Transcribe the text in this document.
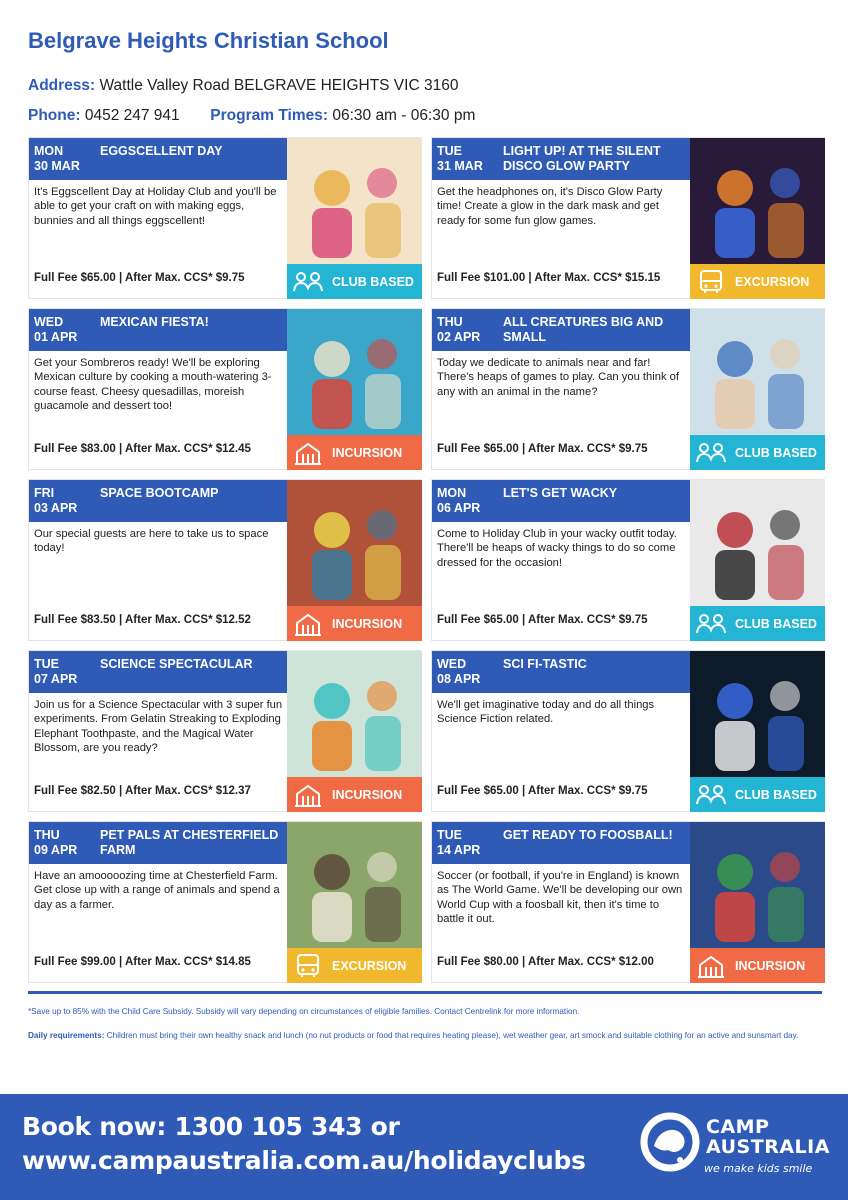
Belgrave Heights Christian School
Address: Wattle Valley Road BELGRAVE HEIGHTS VIC 3160
Phone: 0452 247 941 Program Times: 06:30 am - 06:30 pm
MON
30 MAR
EGGSCELLENT DAY
It's Eggscellent Day at Holiday Club and you'll be able to get your craft on with making eggs, bunnies and all things eggscellent!
Full Fee $65.00 | After Max. CCS* $9.75	CLUB BASED
TUE
31 MAR
LIGHT UP! AT THE SILENT DISCO GLOW PARTY
Get the headphones on, it's Disco Glow Party time! Create a glow in the dark mask and get ready for some fun glow games.
Full Fee $101.00 | After Max. CCS* $15.15	EXCURSION
WED
01 APR
MEXICAN FIESTA!
Get your Sombreros ready! We'll be exploring Mexican culture by cooking a mouth-watering 3-course feast. Cheesy quesadillas, moreish guacamole and dessert too!
Full Fee $83.00 | After Max. CCS* $12.45	INCURSION
THU
02 APR
ALL CREATURES BIG AND SMALL
Today we dedicate to animals near and far! There's heaps of games to play. Can you think of any with an animal in the name?
Full Fee $65.00 | After Max. CCS* $9.75	CLUB BASED
FRI
03 APR
SPACE BOOTCAMP
Our special guests are here to take us to space today!
Full Fee $83.50 | After Max. CCS* $12.52	INCURSION
MON
06 APR
LET'S GET WACKY
Come to Holiday Club in your wacky outfit today. There'll be heaps of wacky things to do so come dressed for the occasion!
Full Fee $65.00 | After Max. CCS* $9.75	CLUB BASED
TUE
07 APR
SCIENCE SPECTACULAR
Join us for a Science Spectacular with 3 super fun experiments. From Gelatin Streaking to Exploding Elephant Toothpaste, and the Magical Water Blossom, are you ready?
Full Fee $82.50 | After Max. CCS* $12.37	INCURSION
WED
08 APR
SCI FI-TASTIC
We'll get imaginative today and do all things Science Fiction related.
Full Fee $65.00 | After Max. CCS* $9.75	CLUB BASED
THU
09 APR
PET PALS AT CHESTERFIELD FARM
Have an amooooozing time at Chesterfield Farm. Get close up with a range of animals and spend a day as a farmer.
Full Fee $99.00 | After Max. CCS* $14.85	EXCURSION
TUE
14 APR
GET READY TO FOOSBALL!
Soccer (or football, if you're in England) is known as The World Game. We'll be developing our own World Cup with a foosball kit, then it's time to battle it out.
Full Fee $80.00 | After Max. CCS* $12.00	INCURSION
*Save up to 85% with the Child Care Subsidy. Subsidy will vary depending on circumstances of eligible families. Contact Centrelink for more information.
Daily requirements: Children must bring their own healthy snack and lunch (no nut products or food that requires heating please), wet weather gear, art smock and suitable clothing for an active and sunsmart day.
Book now: 1300 105 343 or
www.campaustralia.com.au/holidayclubs
CAMP
AUSTRALIA
we make kids smile
